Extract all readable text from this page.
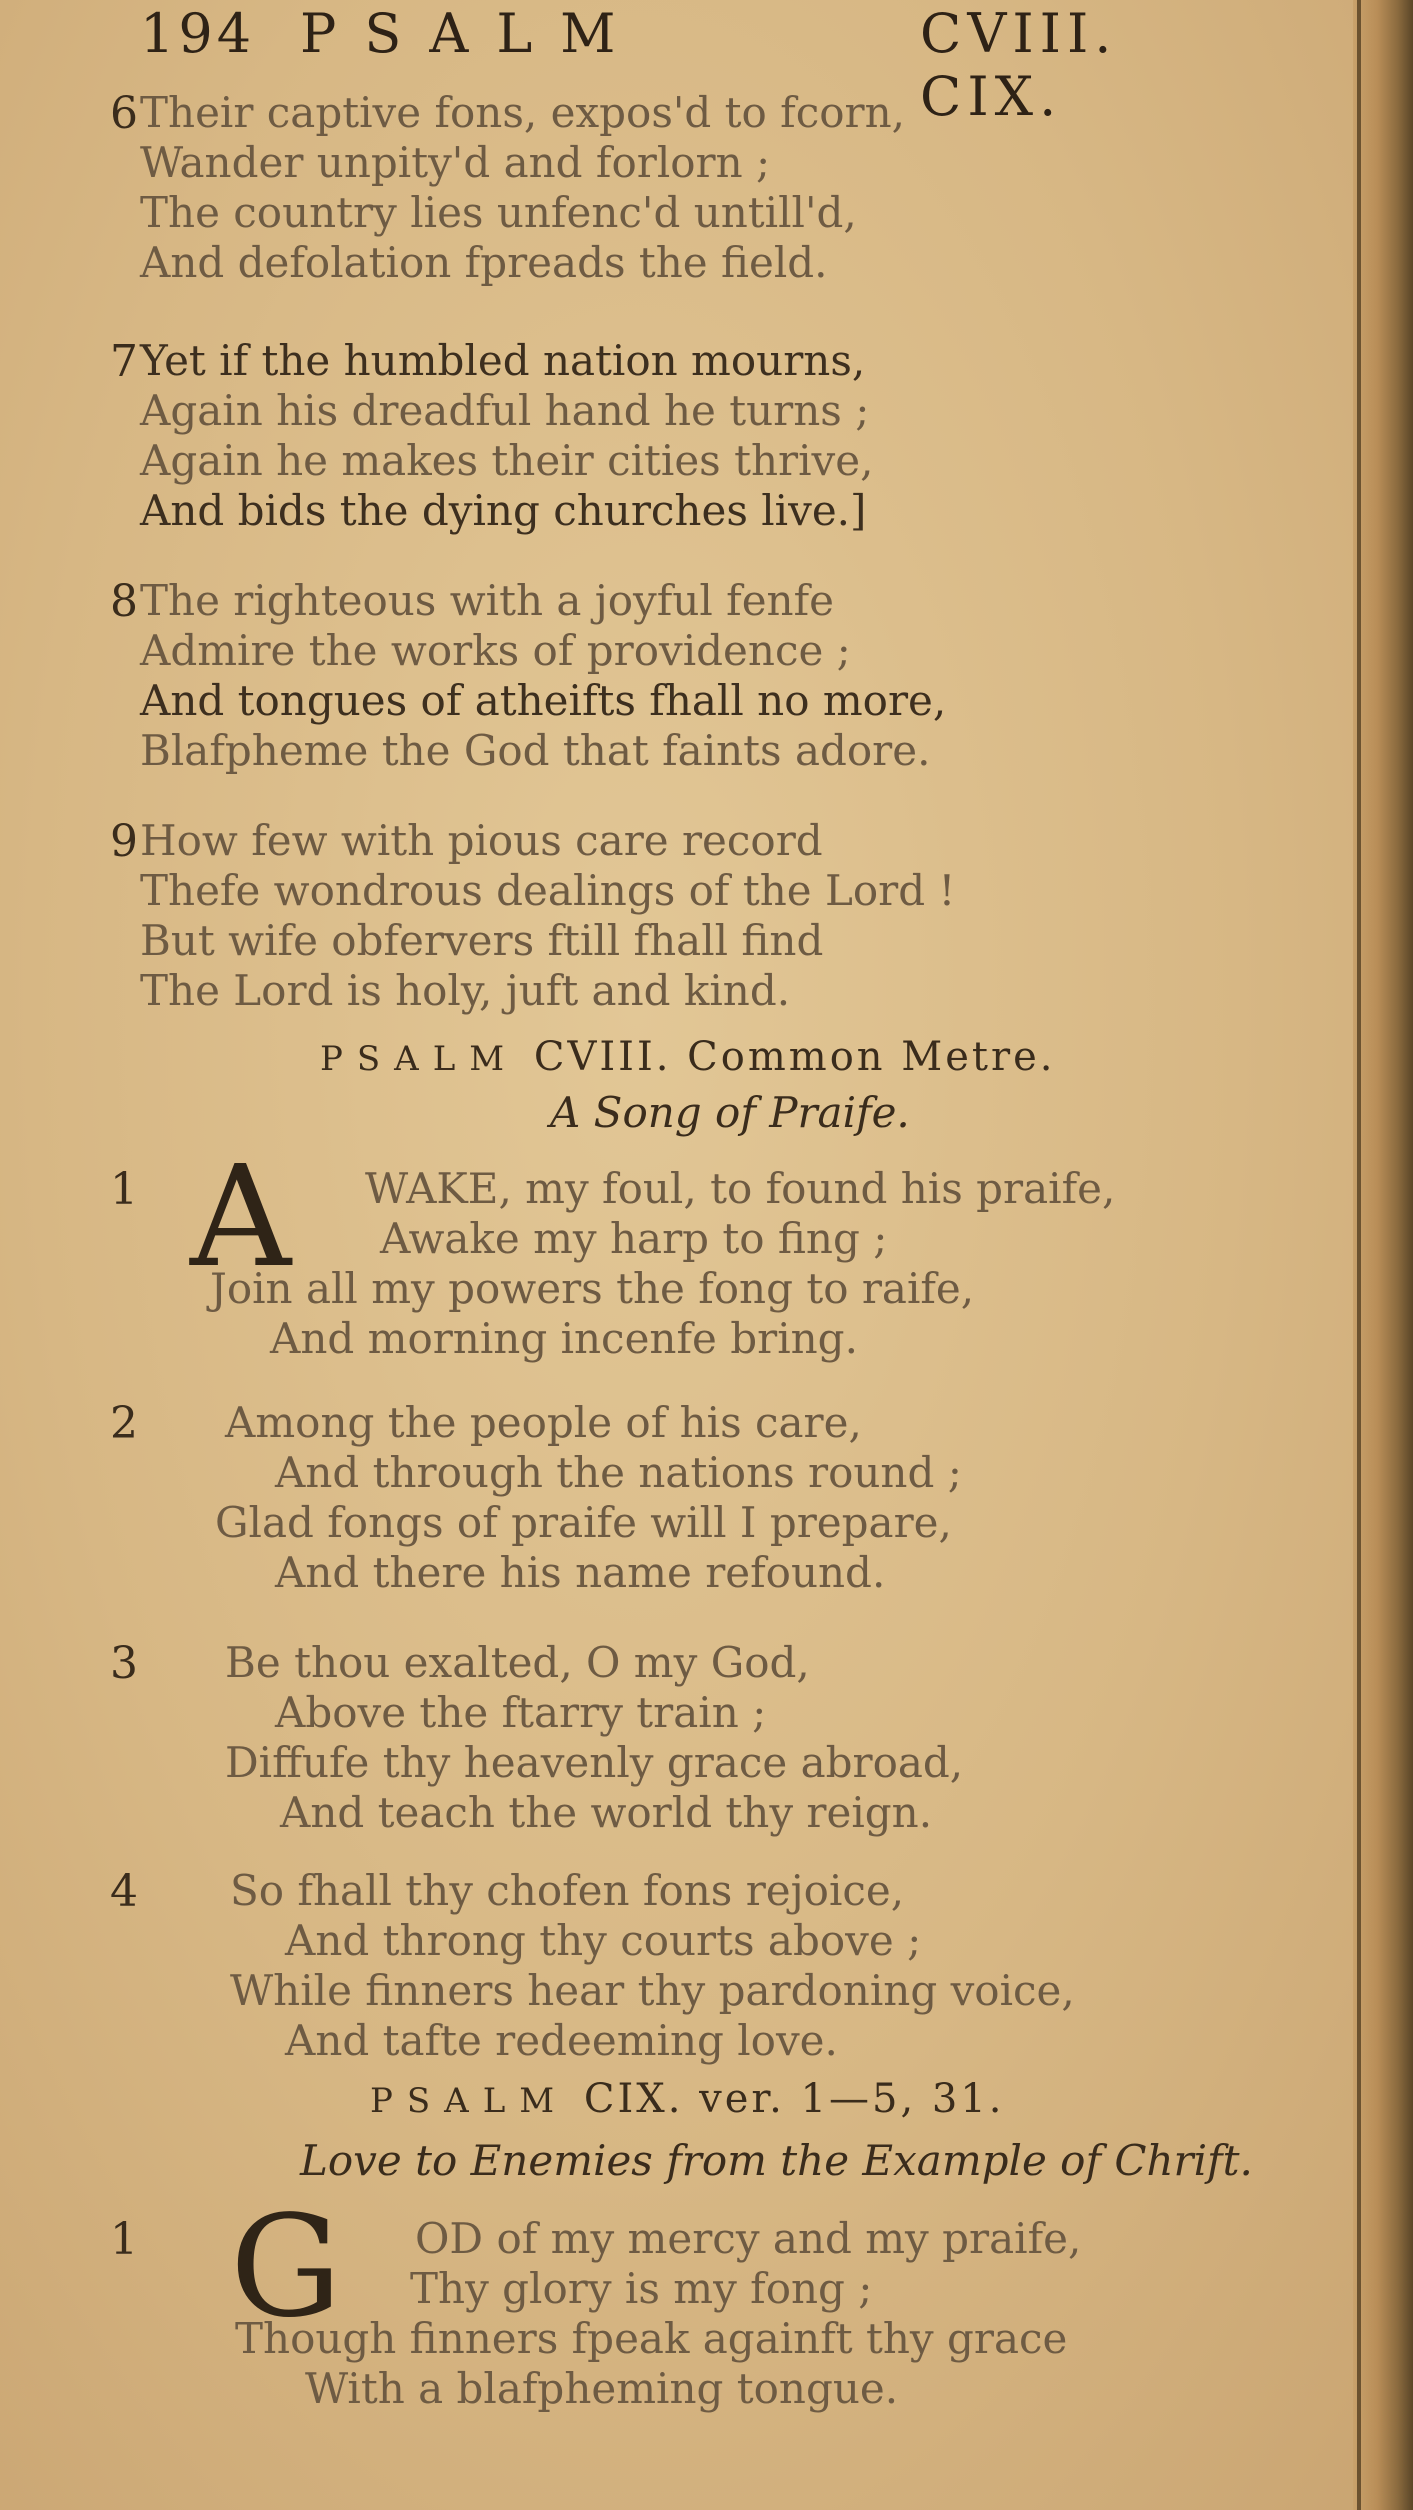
194 PSALM	CVIII. CIX.
6 Their captive fons, expos'd to fcorn,
Wander unpity'd and forlorn ;
The country lies unfenc'd untill'd,
And defolation fpreads the field.
7 Yet if the humbled nation mourns,
Again his dreadful hand he turns ;
Again he makes their cities thrive,
And bids the dying churches live.]
8 The righteous with a joyful fenfe
Admire the works of providence ;
And tongues of atheifts fhall no more,
Blafpheme the God that faints adore.
9 How few with pious care record
Thefe wondrous dealings of the Lord !
But wife obfervers ftill fhall find
The Lord is holy, juft and kind.
PSALM CVIII. Common Metre.
A Song of Praife.
1 A	WAKE, my foul, to found his praife,
Awake my harp to fing ;
Join all my powers the fong to raife,
And morning incenfe bring.
2	Among the people of his care,
And through the nations round ;
Glad fongs of praife will I prepare,
And there his name refound.
3	Be thou exalted, O my God,
Above the ftarry train ;
Diffufe thy heavenly grace abroad,
And teach the world thy reign.
4	So fhall thy chofen fons rejoice,
And throng thy courts above ;
While finners hear thy pardoning voice,
And tafte redeeming love.
PSALM CIX. ver. 1—5, 31.
Love to Enemies from the Example of Chrift.
1 G	OD of my mercy and my praife,
Thy glory is my fong ;
Though finners fpeak againft thy grace
With a blafpheming tongue.
